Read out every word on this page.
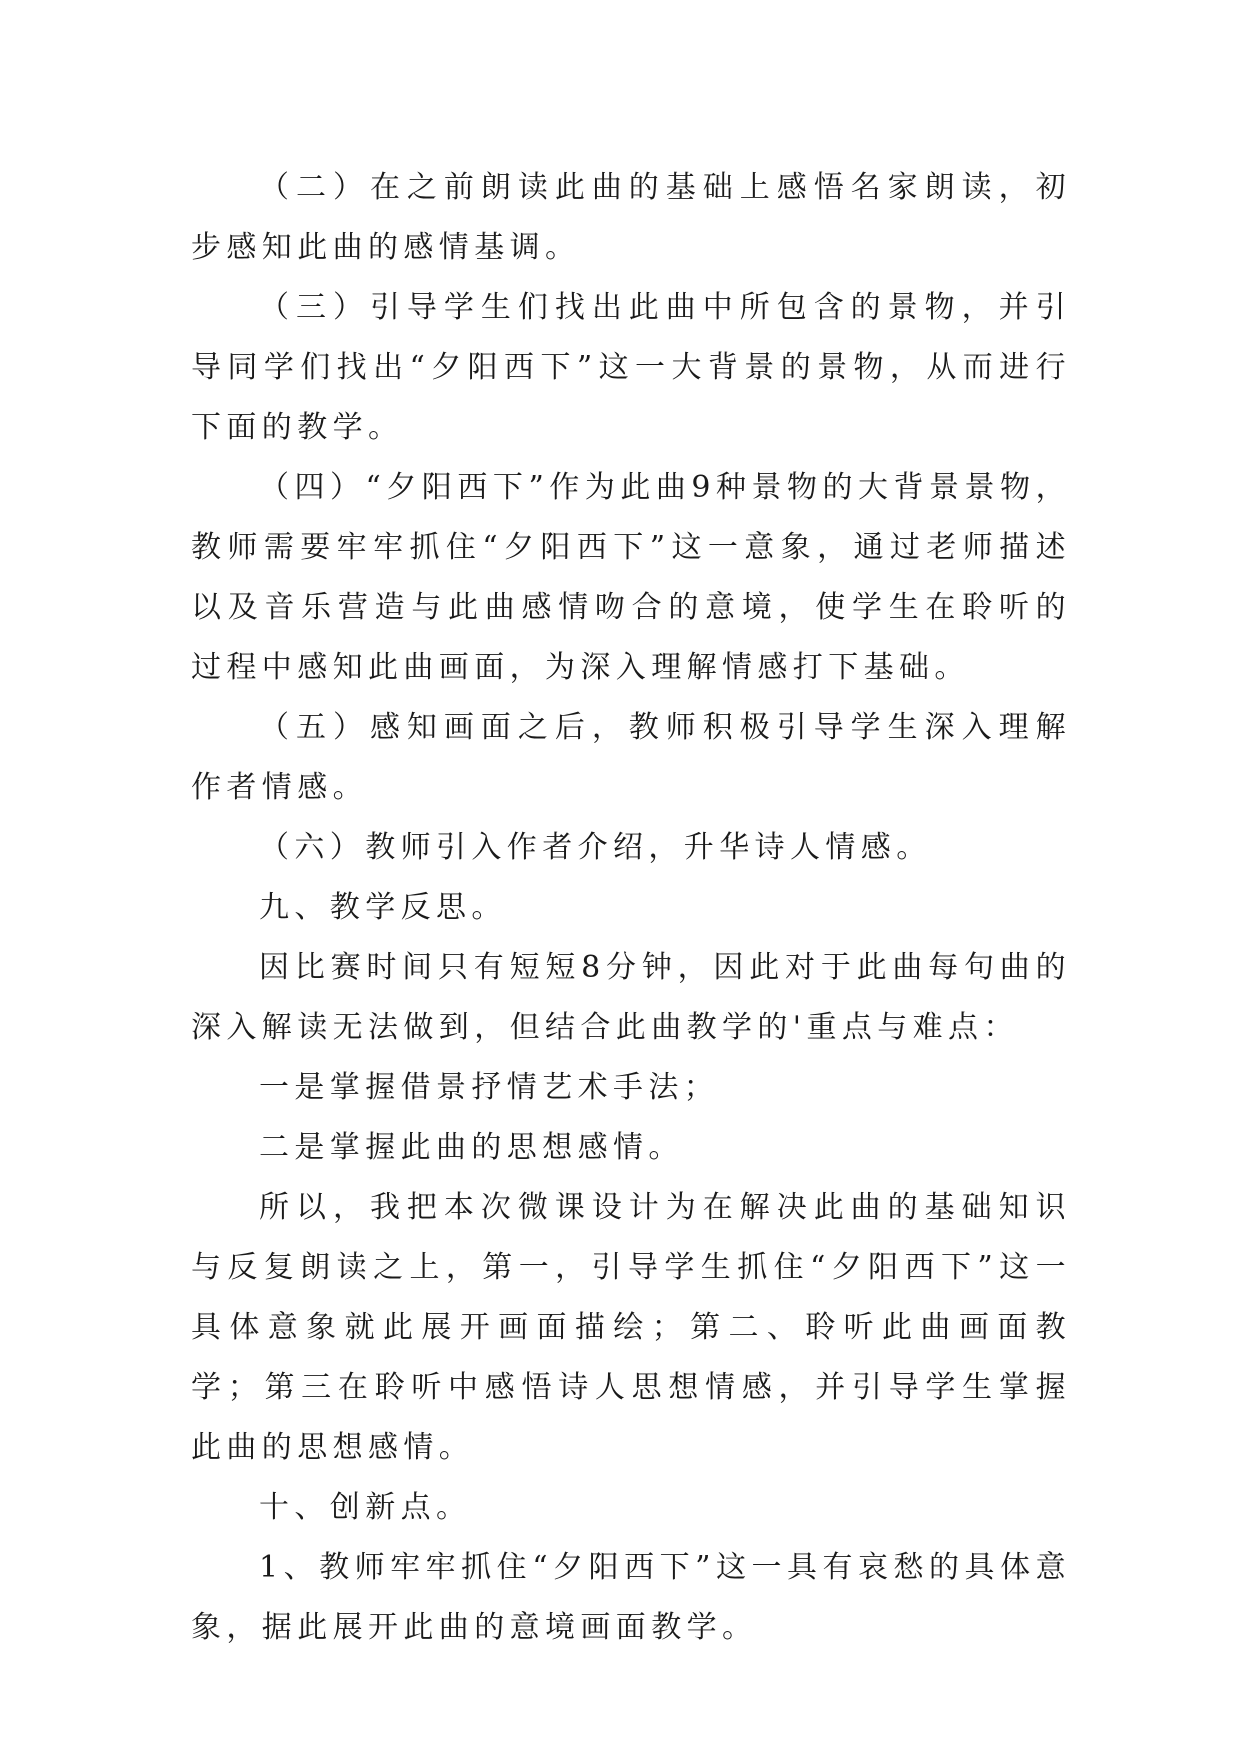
（二）在之前朗读此曲的基础上感悟名家朗读，初步感知此曲的感情基调。

（三）引导学生们找出此曲中所包含的景物，并引导同学们找出“夕阳西下”这一大背景的景物，从而进行下面的教学。

（四）“夕阳西下”作为此曲9种景物的大背景景物，教师需要牢牢抓住“夕阳西下”这一意象，通过老师描述以及音乐营造与此曲感情吻合的意境，使学生在聆听的过程中感知此曲画面，为深入理解情感打下基础。

（五）感知画面之后，教师积极引导学生深入理解作者情感。

（六）教师引入作者介绍，升华诗人情感。

九、教学反思。

因比赛时间只有短短8分钟，因此对于此曲每句曲的深入解读无法做到，但结合此曲教学的'重点与难点：

一是掌握借景抒情艺术手法；

二是掌握此曲的思想感情。

所以，我把本次微课设计为在解决此曲的基础知识与反复朗读之上，第一，引导学生抓住“夕阳西下”这一具体意象就此展开画面描绘；第二、聆听此曲画面教学；第三在聆听中感悟诗人思想情感，并引导学生掌握此曲的思想感情。

十、创新点。

1、教师牢牢抓住“夕阳西下”这一具有哀愁的具体意象，据此展开此曲的意境画面教学。
